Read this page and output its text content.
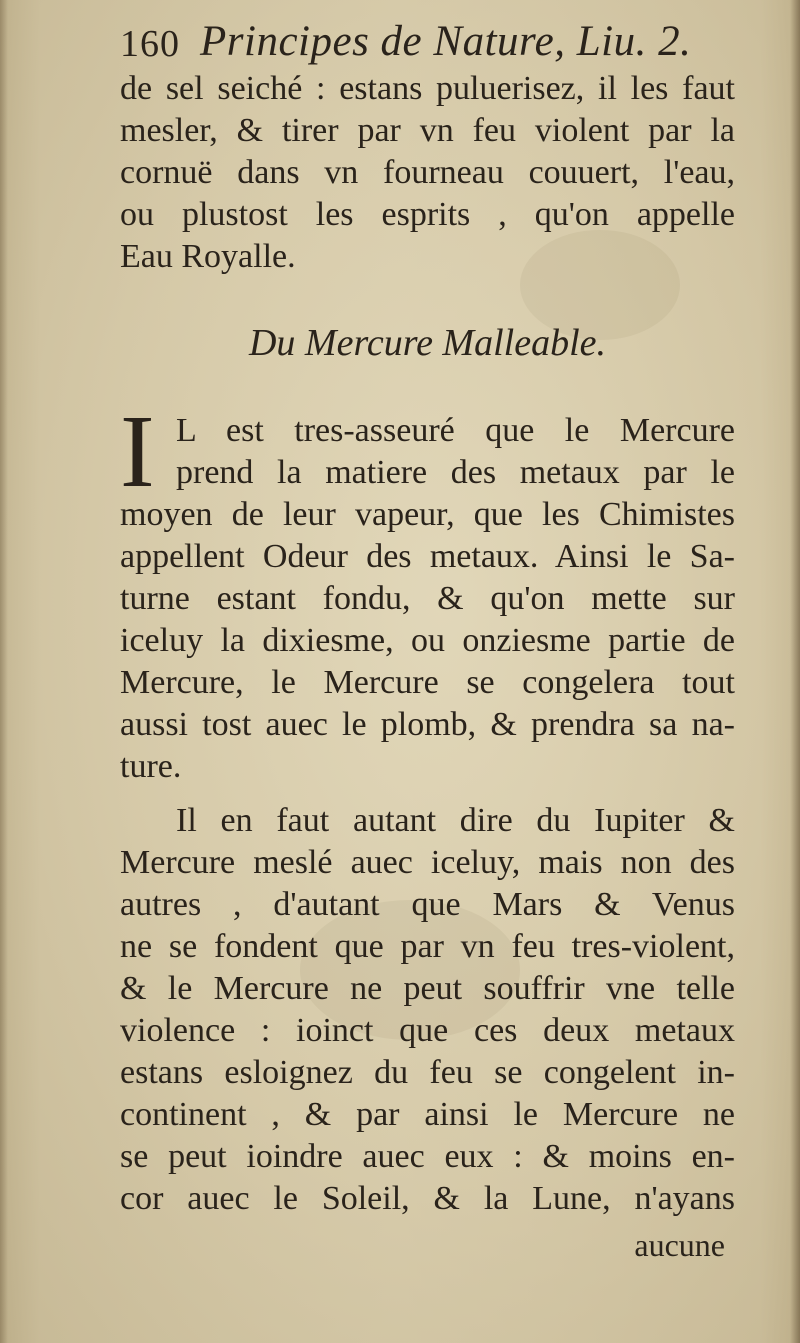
160 Principes de Nature, Liu. 2.
de sel seiché : estans puluerisez, il les faut
mesler, & tirer par vn feu violent par la
cornuë dans vn fourneau couuert, l'eau,
ou plustost les esprits , qu'on appelle
Eau Royalle.
Du Mercure Malleable.
I L est tres-asseuré que le Mercure
prend la matiere des metaux par le
moyen de leur vapeur, que les Chimistes
appellent Odeur des metaux. Ainsi le Sa-
turne estant fondu, & qu'on mette sur
iceluy la dixiesme, ou onziesme partie de
Mercure, le Mercure se congelera tout
aussi tost auec le plomb, & prendra sa na-
ture.
Il en faut autant dire du Iupiter &
Mercure meslé auec iceluy, mais non des
autres , d'autant que Mars & Venus
ne se fondent que par vn feu tres-violent,
& le Mercure ne peut souffrir vne telle
violence : ioinct que ces deux metaux
estans esloignez du feu se congelent in-
continent , & par ainsi le Mercure ne
se peut ioindre auec eux : & moins en-
cor auec le Soleil, & la Lune, n'ayans
aucune
